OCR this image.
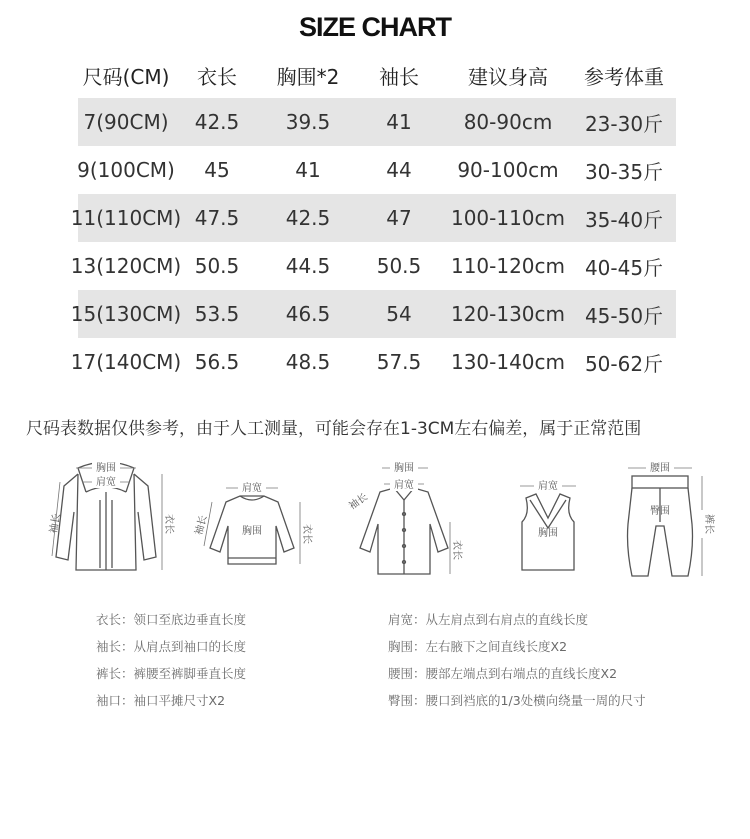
SIZE CHART
尺码(CM)	衣长	胸围*2	袖长	建议身高	参考体重
7(90CM)	42.5	39.5	41	80-90cm	23-30斤
9(100CM)	45	41	44	90-100cm	30-35斤
11(110CM) 47.5	42.5	47	100-110cm 35-40斤
13(120CM) 50.5	44.5	50.5	110-120cm 40-45斤
15(130CM) 53.5	46.5	54	120-130cm 45-50斤
17(140CM) 56.5	48.5	57.5	130-140cm 50-62斤
尺码表数据仅供参考，由于人工测量，可能会存在1-3CM左右偏差，属于正常范围
胸围
肩宽
袖长	衣长
肩宽
胸围
袖长	衣长
胸围
肩宽
袖长
衣长
肩宽
胸围
腰围
臀围
裤长
衣长：领口至底边垂直长度
袖长：从肩点到袖口的长度
裤长：裤腰至裤脚垂直长度
袖口：袖口平摊尺寸X2
肩宽：从左肩点到右肩点的直线长度
胸围：左右腋下之间直线长度X2
腰围：腰部左端点到右端点的直线长度X2
臀围：腰口到裆底的1/3处横向绕量一周的尺寸
